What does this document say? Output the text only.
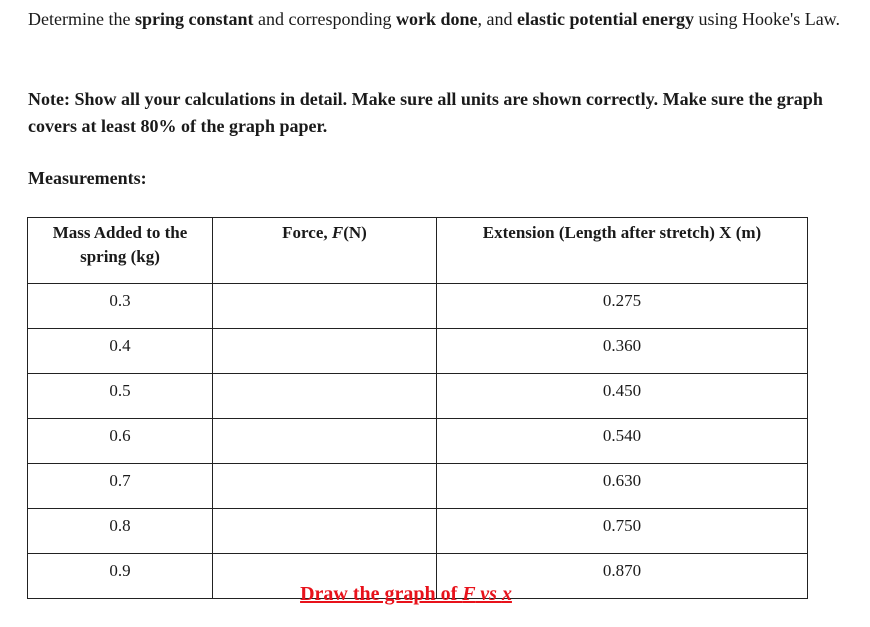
Determine the spring constant and corresponding work done, and elastic potential energy using Hooke's Law.
Note: Show all your calculations in detail. Make sure all units are shown correctly. Make sure the graph covers at least 80% of the graph paper.
Measurements:
Mass Added to the spring (kg)	Force, F(N)	Extension (Length after stretch) X (m)
0.3		0.275
0.4		0.360
0.5		0.450
0.6		0.540
0.7		0.630
0.8		0.750
0.9		0.870
Draw the graph of F vs x
